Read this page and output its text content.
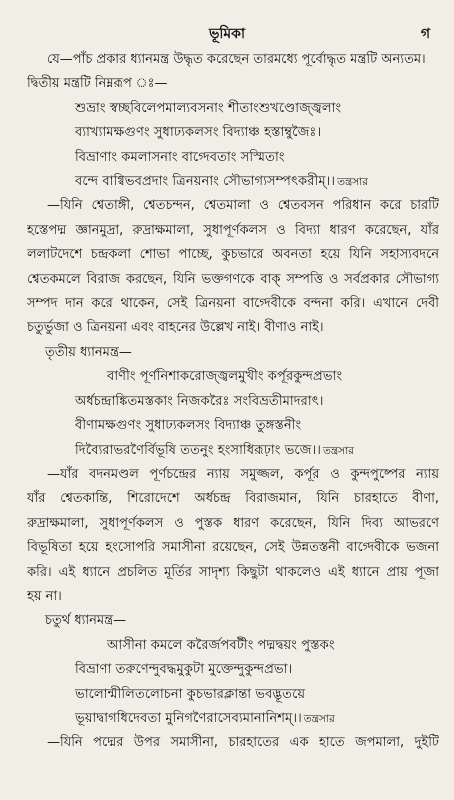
ভূমিকা	গ
যে—পাঁচ প্রকার ধ্যানমন্ত্র উদ্ধৃত করেছেন তারমধ্যে পূর্বোদ্ধৃত মন্ত্রটি অন্যতম।
দ্বিতীয় মন্ত্রটি নিম্নরূপ ঃ—
শুভ্রাং স্বচ্ছবিলেপমাল্যবসনাং শীতাংশুখণ্ডোজ্জ্বলাং
ব্যাখ্যামক্ষগুণং সুধাঢ্যকলসং বিদ্যাঞ্চ হস্তাম্বুজৈঃ।
বিভ্রাণাং কমলাসনাং বাগ্দেবতাং সস্মিতাং
বন্দে বাগ্বিভবপ্রদাং ত্রিনয়নাং সৌভাগ্যসম্পৎকরীম্।। তন্ত্রসার
—যিনি শ্বেতাঙ্গী, শ্বেতচন্দন, শ্বেতমালা ও শ্বেতবসন পরিধান করে চারটি
হস্তেপদ্ম জ্ঞানমুদ্রা, রুদ্রাক্ষমালা, সুধাপূর্ণকলস ও বিদ্যা ধারণ করেছেন, যাঁর
ললাটদেশে চন্দ্রকলা শোভা পাচ্ছে, কুচভারে অবনতা হয়ে যিনি সহাস্যবদনে
শ্বেতকমলে বিরাজ করছেন, যিনি ভক্তগণকে বাক্ সম্পত্তি ও সর্বপ্রকার সৌভাগ্য
সম্পদ দান করে থাকেন, সেই ত্রিনয়না বাগ্দেবীকে বন্দনা করি। এখানে দেবী
চতুর্ভুজা ও ত্রিনয়না এবং বাহনের উল্লেখ নাই। বীণাও নাই।
তৃতীয় ধ্যানমন্ত্র—
বাণীং পূর্ণনিশাকরোজ্জ্বলমুখীং কর্পূরকুন্দপ্রভাং
অর্ধচন্দ্রাঙ্কিতমস্তকাং নিজকরৈঃ সংবিভ্রতীমাদরাৎ।
বীণামক্ষগুণং সুধাঢ্যকলসং বিদ্যাঞ্চ তুঙ্গস্তনীং
দিব্যৈরাভরণৈর্বিভূষি ততনুং হংসাধিরূঢ়াং ভজে।। তন্ত্রসার
—যাঁর বদনমণ্ডল পূর্ণচন্দ্রের ন্যায় সমুজ্জল, কর্পূর ও কুন্দপুষ্পের ন্যায়
যাঁর শ্বেতকান্তি, শিরোদেশে অর্ধচন্দ্র বিরাজমান, যিনি চারহাতে বীণা,
রুদ্রাক্ষমালা, সুধাপূর্ণকলস ও পুস্তক ধারণ করেছেন, যিনি দিব্য আভরণে
বিভূষিতা হয়ে হংসোপরি সমাসীনা রয়েছেন, সেই উন্নতস্তনী বাগ্দেবীকে ভজনা
করি। এই ধ্যানে প্রচলিত মূর্তির সাদৃশ্য কিছুটা থাকলেও এই ধ্যানে প্রায় পূজা
হয় না।
চতুর্থ ধ্যানমন্ত্র—
আসীনা কমলে করৈর্জপবটীং পদ্মদ্বয়ং পুস্তকং
বিভ্রাণা তরুণেন্দুবদ্ধমুকুটা মুক্তেন্দুকুন্দপ্রভা।
ভালোন্মীলিতলোচনা কুচভারক্লান্তা ভবদ্ভূতয়ে
ভূয়াদ্বাগধিদেবতা মুনিগণৈরাসেব্যমানানিশম্।। তন্ত্রসার
—যিনি পদ্মের উপর সমাসীনা, চারহাতের এক হাতে জপমালা, দুইটি
